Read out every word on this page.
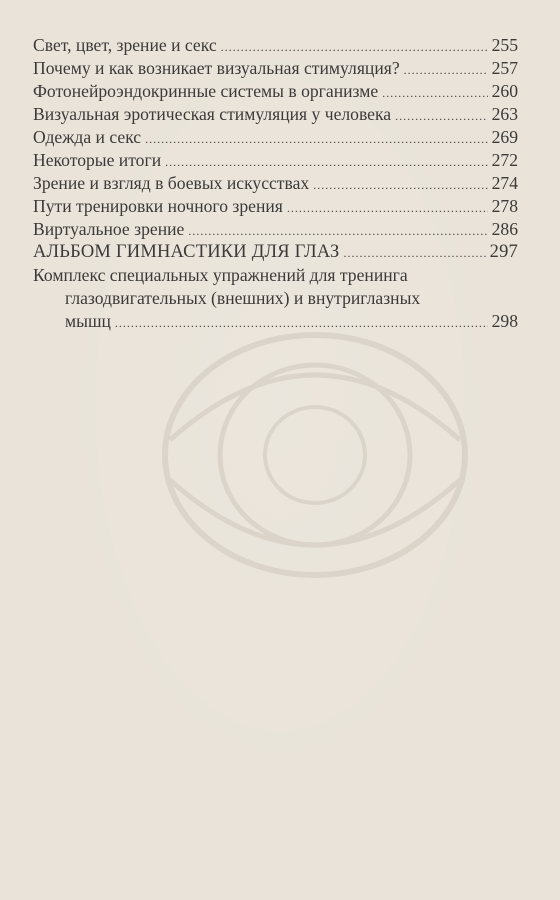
Свет, цвет, зрение и секс .....	255
Почему и как возникает визуальная стимуляция? .....	257
Фотонейроэндокринные системы в организме .....	260
Визуальная эротическая стимуляция у человека .....	263
Одежда и секс .....	269
Некоторые итоги .....	272
Зрение и взгляд в боевых искусствах .....	274
Пути тренировки ночного зрения .....	278
Виртуальное зрение .....	286
АЛЬБОМ ГИМНАСТИКИ ДЛЯ ГЛАЗ .....	297
Комплекс специальных упражнений для тренинга
глазодвигательных (внешних) и внутриглазных
мышц .....	298
